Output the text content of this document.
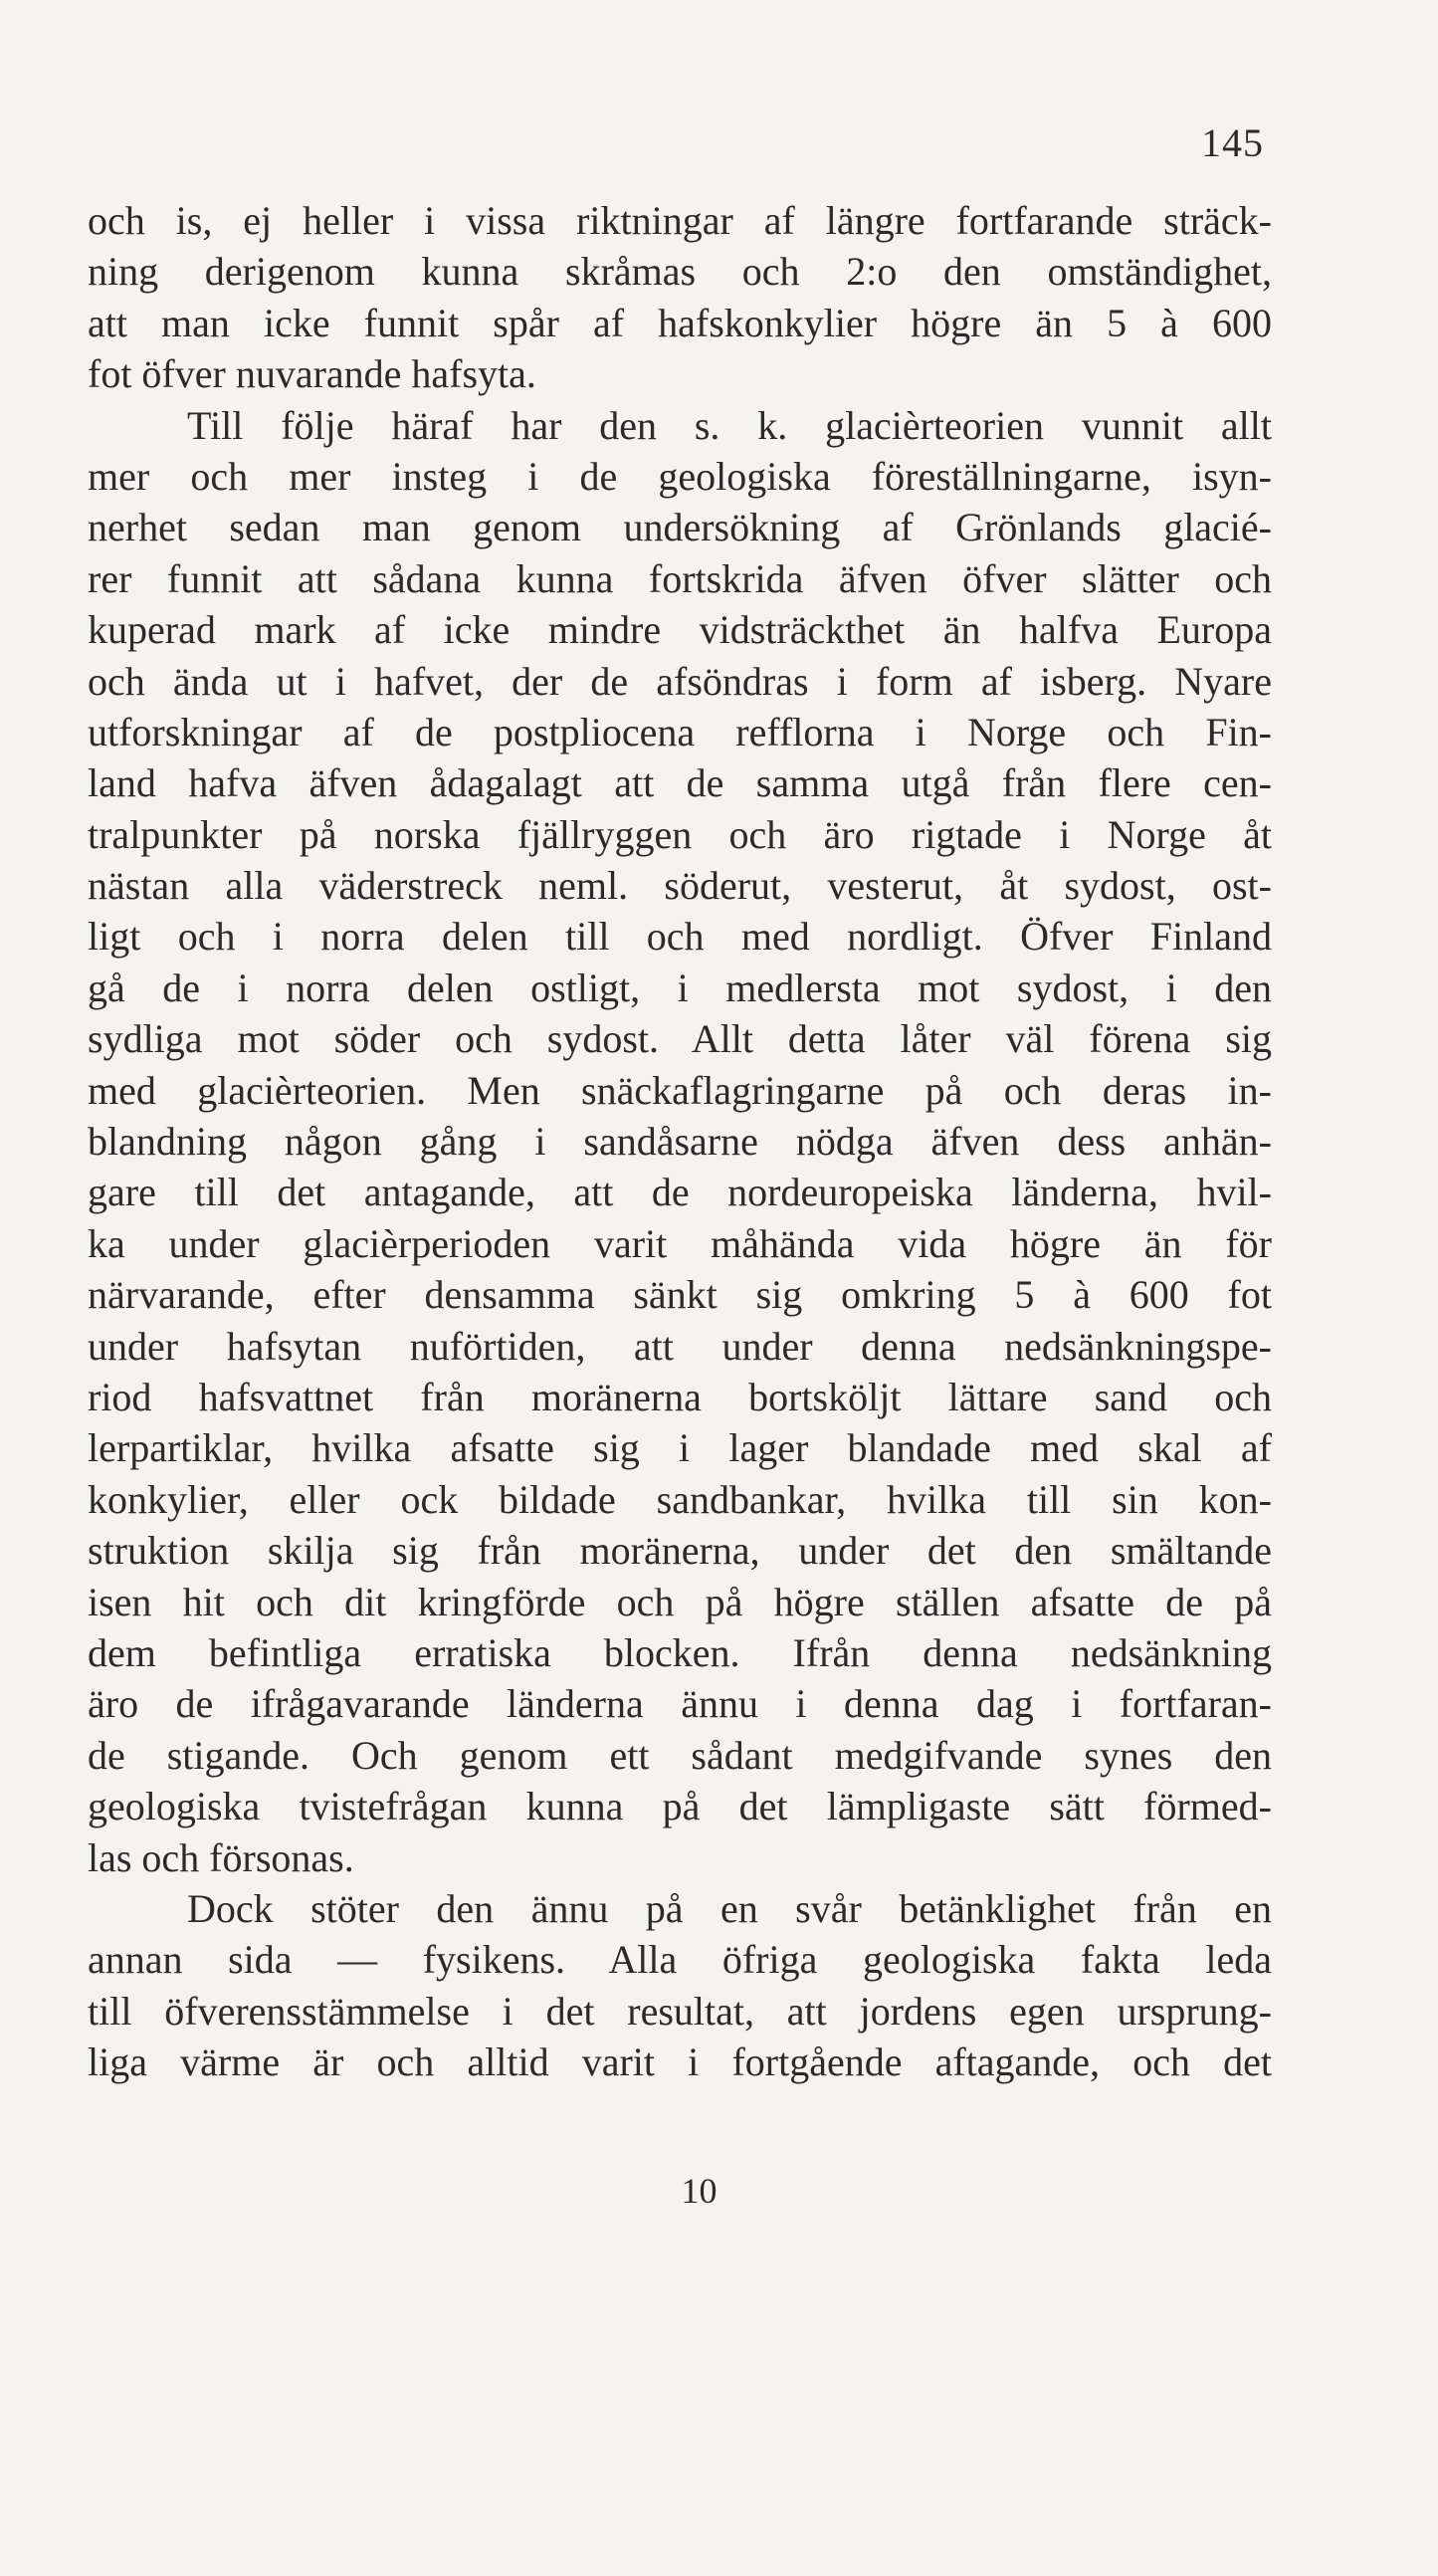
145
och is, ej heller i vissa riktningar af längre fortfarande sträck-
ning derigenom kunna skråmas och 2:o den omständighet,
att man icke funnit spår af hafskonkylier högre än 5 à 600
fot öfver nuvarande hafsyta.
Till följe häraf har den s. k. glacièrteorien vunnit allt
mer och mer insteg i de geologiska föreställningarne, isyn-
nerhet sedan man genom undersökning af Grönlands glacié-
rer funnit att sådana kunna fortskrida äfven öfver slätter och
kuperad mark af icke mindre vidsträckthet än halfva Europa
och ända ut i hafvet, der de afsöndras i form af isberg. Nyare
utforskningar af de postpliocena refflorna i Norge och Fin-
land hafva äfven ådagalagt att de samma utgå från flere cen-
tralpunkter på norska fjällryggen och äro rigtade i Norge åt
nästan alla väderstreck neml. söderut, vesterut, åt sydost, ost-
ligt och i norra delen till och med nordligt. Öfver Finland
gå de i norra delen ostligt, i medlersta mot sydost, i den
sydliga mot söder och sydost. Allt detta låter väl förena sig
med glacièrteorien. Men snäckaflagringarne på och deras in-
blandning någon gång i sandåsarne nödga äfven dess anhän-
gare till det antagande, att de nordeuropeiska länderna, hvil-
ka under glacièrperioden varit måhända vida högre än för
närvarande, efter densamma sänkt sig omkring 5 à 600 fot
under hafsytan nuförtiden, att under denna nedsänkningspe-
riod hafsvattnet från moränerna bortsköljt lättare sand och
lerpartiklar, hvilka afsatte sig i lager blandade med skal af
konkylier, eller ock bildade sandbankar, hvilka till sin kon-
struktion skilja sig från moränerna, under det den smältande
isen hit och dit kringförde och på högre ställen afsatte de på
dem befintliga erratiska blocken. Ifrån denna nedsänkning
äro de ifrågavarande länderna ännu i denna dag i fortfaran-
de stigande. Och genom ett sådant medgifvande synes den
geologiska tvistefrågan kunna på det lämpligaste sätt förmed-
las och försonas.
Dock stöter den ännu på en svår betänklighet från en
annan sida — fysikens. Alla öfriga geologiska fakta leda
till öfverensstämmelse i det resultat, att jordens egen ursprung-
liga värme är och alltid varit i fortgående aftagande, och det
10
